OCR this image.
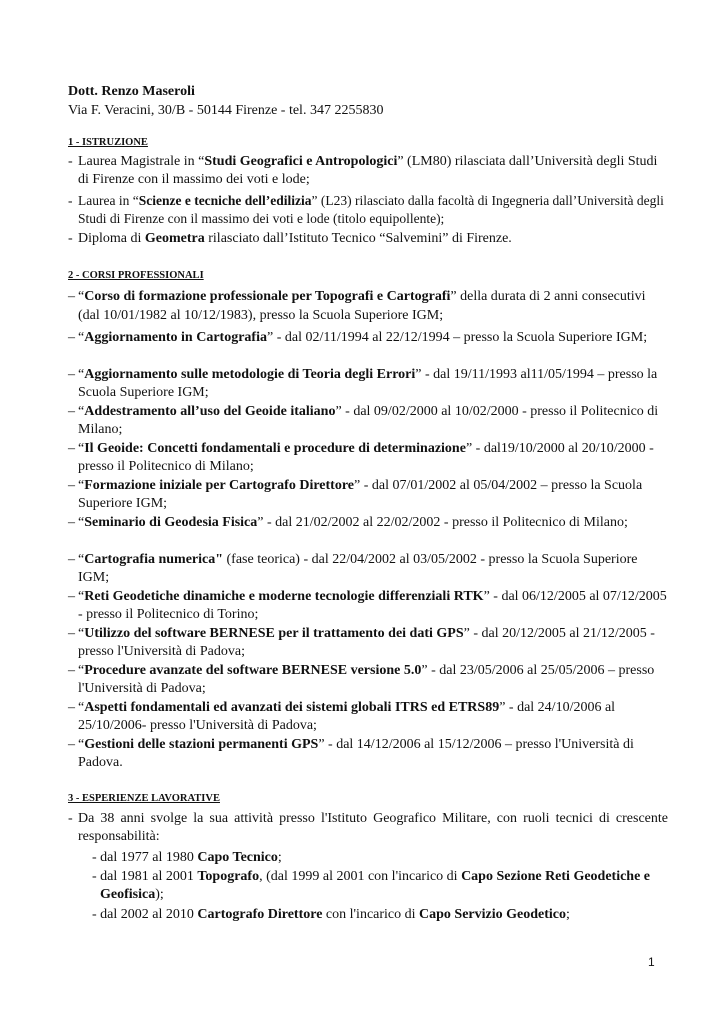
Dott. Renzo Maseroli
Via F. Veracini, 30/B - 50144 Firenze - tel. 347 2255830
1 - ISTRUZIONE
- Laurea Magistrale in “Studi Geografici e Antropologici” (LM80) rilasciata dall’Università degli Studi di Firenze con il massimo dei voti e lode;
- Laurea in “Scienze e tecniche dell’edilizia” (L23) rilasciato dalla facoltà di Ingegneria dall’Università degli Studi di Firenze con il massimo dei voti e lode (titolo equipollente);
- Diploma di Geometra rilasciato dall’Istituto Tecnico “Salvemini” di Firenze.
2 - CORSI PROFESSIONALI
– “Corso di formazione professionale per Topografi e Cartografi” della durata di 2 anni consecutivi (dal 10/01/1982 al 10/12/1983), presso la Scuola Superiore IGM;
– “Aggiornamento in Cartografia” - dal 02/11/1994 al 22/12/1994 – presso la Scuola Superiore IGM;
– “Aggiornamento sulle metodologie di Teoria degli Errori” - dal 19/11/1993 al11/05/1994 – presso la Scuola Superiore IGM;
– “Addestramento all’uso del Geoide italiano” - dal 09/02/2000 al 10/02/2000 - presso il Politecnico di Milano;
– “Il Geoide: Concetti fondamentali e procedure di determinazione” - dal19/10/2000 al 20/10/2000 - presso il Politecnico di Milano;
– “Formazione iniziale per Cartografo Direttore” - dal 07/01/2002 al 05/04/2002 – presso la Scuola Superiore IGM;
– “Seminario di Geodesia Fisica” - dal 21/02/2002 al 22/02/2002 - presso il Politecnico di Milano;
– “Cartografia numerica" (fase teorica) - dal 22/04/2002 al 03/05/2002 - presso la Scuola Superiore IGM;
– “Reti Geodetiche dinamiche e moderne tecnologie differenziali RTK” - dal 06/12/2005 al 07/12/2005 - presso il Politecnico di Torino;
– “Utilizzo del software BERNESE per il trattamento dei dati GPS” - dal 20/12/2005 al 21/12/2005 - presso l'Università di Padova;
– “Procedure avanzate del software BERNESE versione 5.0” - dal 23/05/2006 al 25/05/2006 – presso l'Università di Padova;
– “Aspetti fondamentali ed avanzati dei sistemi globali ITRS ed ETRS89” - dal 24/10/2006 al 25/10/2006- presso l'Università di Padova;
– “Gestioni delle stazioni permanenti GPS” - dal 14/12/2006 al 15/12/2006 – presso l'Università di Padova.
3 - ESPERIENZE LAVORATIVE
- Da 38 anni svolge la sua attività presso l'Istituto Geografico Militare, con ruoli tecnici di crescente responsabilità:
- dal 1977 al 1980 Capo Tecnico;
- dal 1981 al 2001 Topografo, (dal 1999 al 2001 con l'incarico di Capo Sezione Reti Geodetiche e Geofisica);
- dal 2002 al 2010 Cartografo Direttore con l'incarico di Capo Servizio Geodetico;
1
